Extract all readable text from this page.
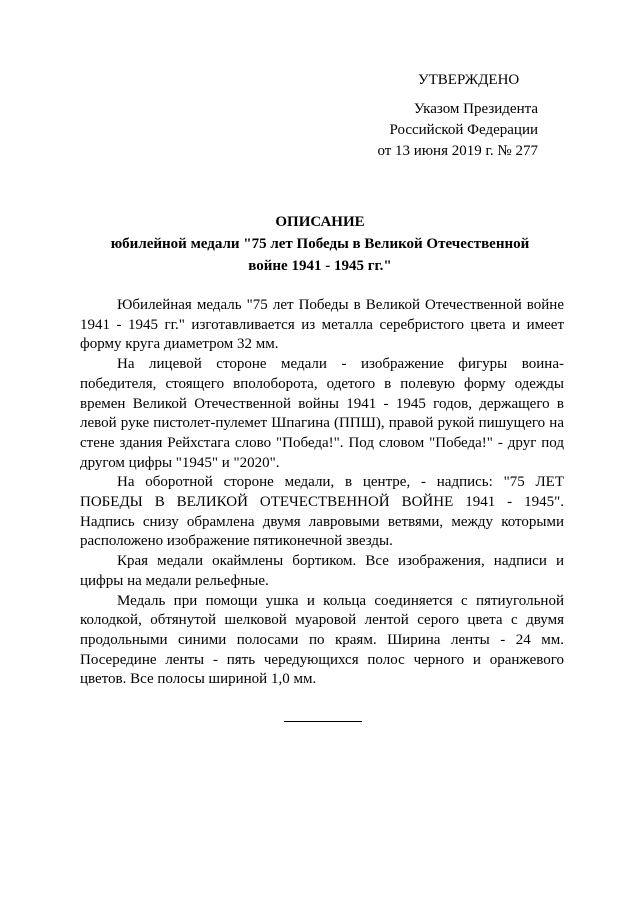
УТВЕРЖДЕНО
Указом Президента
Российской Федерации
от 13 июня 2019 г. № 277
ОПИСАНИЕ
юбилейной медали "75 лет Победы в Великой Отечественной
войне 1941 - 1945 гг."

Юбилейная медаль "75 лет Победы в Великой Отечественной войне 1941 - 1945 гг." изготавливается из металла серебристого цвета и имеет форму круга диаметром 32 мм.

На лицевой стороне медали - изображение фигуры воина-победителя, стоящего вполоборота, одетого в полевую форму одежды времен Великой Отечественной войны 1941 - 1945 годов, держащего в левой руке пистолет-пулемет Шпагина (ППШ), правой рукой пишущего на стене здания Рейхстага слово "Победа!". Под словом "Победа!" - друг под другом цифры "1945" и "2020".

На оборотной стороне медали, в центре, - надпись: "75 ЛЕТ ПОБЕДЫ В ВЕЛИКОЙ ОТЕЧЕСТВЕННОЙ ВОЙНЕ 1941 - 1945". Надпись снизу обрамлена двумя лавровыми ветвями, между которыми расположено изображение пятиконечной звезды.

Края медали окаймлены бортиком. Все изображения, надписи и цифры на медали рельефные.

Медаль при помощи ушка и кольца соединяется с пятиугольной колодкой, обтянутой шелковой муаровой лентой серого цвета с двумя продольными синими полосами по краям. Ширина ленты - 24 мм. Посередине ленты - пять чередующихся полос черного и оранжевого цветов. Все полосы шириной 1,0 мм.
